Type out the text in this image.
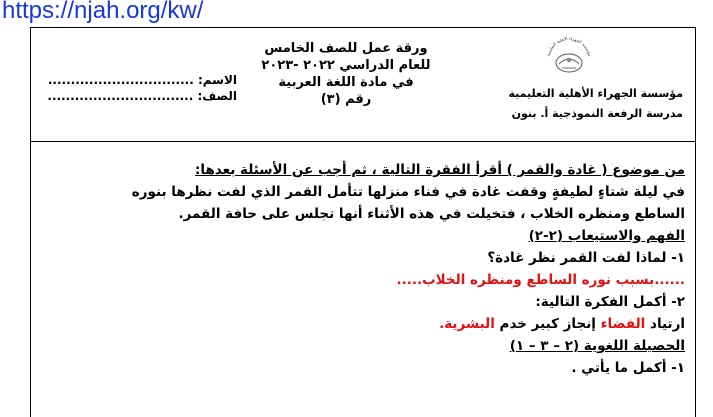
https://njah.org/kw/
مؤسسة الجهراء الأهلية التعليمية
مؤسسة الجهراء الأهلية التعليمية
مدرسة الرفعة النموذجية أ. بنون
ورقة عمل للصف الخامس
للعام الدراسي ٢٠٢٢ -٢٠٢٣
في مادة اللغة العربية
رقم (٣)
الاسم: ................................
الصف: ................................
من موضوع ( غادة والقمر ) أقرأ الفقرة التالية ، ثم أجب عن الأسئلة بعدها:
في ليلة شتاءٍ لطيفةٍ وقفت غادة في فناء منزلها تتأمل القمر الذي لفت نظرها بنوره
الساطع ومنظره الخلاب ، فتخيلت في هذه الأثناء أنها تجلس على حافة القمر.
الفهم والاستيعاب (٢-٢)
١- لماذا لفت القمر نظر غادة؟
......بسبب نوره الساطع ومنظره الخلاب.....
٢- أكمل الفكرة التالية:
ارتياد الفضاء إنجاز كبير خدم البشرية.
الحصيلة اللغوية (٢ – ٣ – ١)
١- أكمل ما يأتي .
